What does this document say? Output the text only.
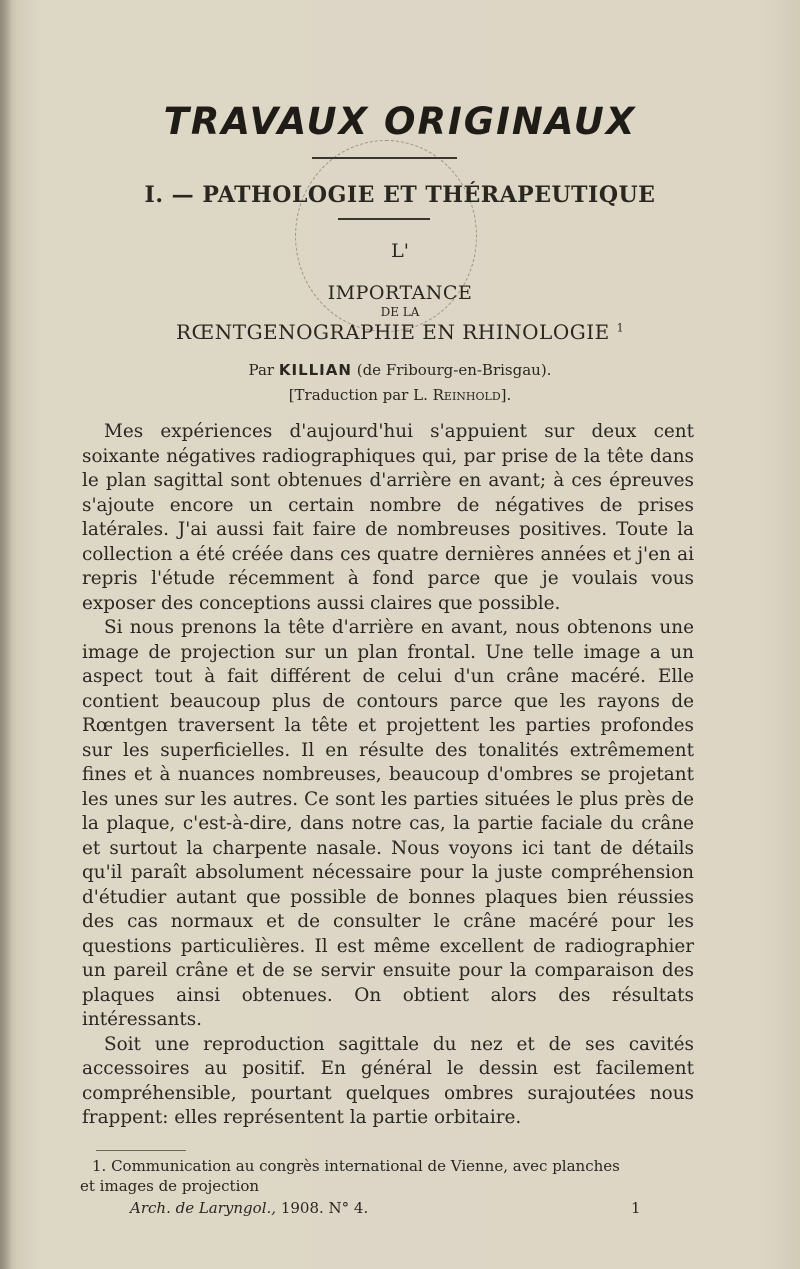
TRAVAUX ORIGINAUX
I. — PATHOLOGIE ET THÉRAPEUTIQUE
L'
IMPORTANCE
DE LA
RŒNTGENOGRAPHIE EN RHINOLOGIE $^1$
Par KILLIAN (de Fribourg-en-Brisgau).
[Traduction par L. Reinhold].

Mes expériences d'aujourd'hui s'appuient sur deux cent soixante négatives radiographiques qui, par prise de la tête dans le plan sagittal sont obtenues d'arrière en avant; à ces épreuves s'ajoute encore un certain nombre de négatives de prises latérales. J'ai aussi fait faire de nombreuses positives. Toute la collection a été créée dans ces quatre dernières années et j'en ai repris l'étude récemment à fond parce que je voulais vous exposer des conceptions aussi claires que possible.

Si nous prenons la tête d'arrière en avant, nous obtenons une image de projection sur un plan frontal. Une telle image a un aspect tout à fait différent de celui d'un crâne macéré. Elle contient beaucoup plus de contours parce que les rayons de Rœntgen traversent la tête et projettent les parties profondes sur les superficielles. Il en résulte des tonalités extrêmement fines et à nuances nombreuses, beaucoup d'ombres se projetant les unes sur les autres. Ce sont les parties situées le plus près de la plaque, c'est-à-dire, dans notre cas, la partie faciale du crâne et surtout la charpente nasale. Nous voyons ici tant de détails qu'il paraît absolument nécessaire pour la juste compréhension d'étudier autant que possible de bonnes plaques bien réussies des cas normaux et de consulter le crâne macéré pour les questions particulières. Il est même excellent de radiographier un pareil crâne et de se servir ensuite pour la comparaison des plaques ainsi obtenues. On obtient alors des résultats intéressants.

Soit une reproduction sagittale du nez et de ses cavités accessoires au positif. En général le dessin est facilement compréhensible, pourtant quelques ombres surajoutées nous frappent: elles représentent la partie orbitaire.

1. Communication au congrès international de Vienne, avec planches
et images de projection
Arch. de Laryngol., 1908. N° 4.	1
